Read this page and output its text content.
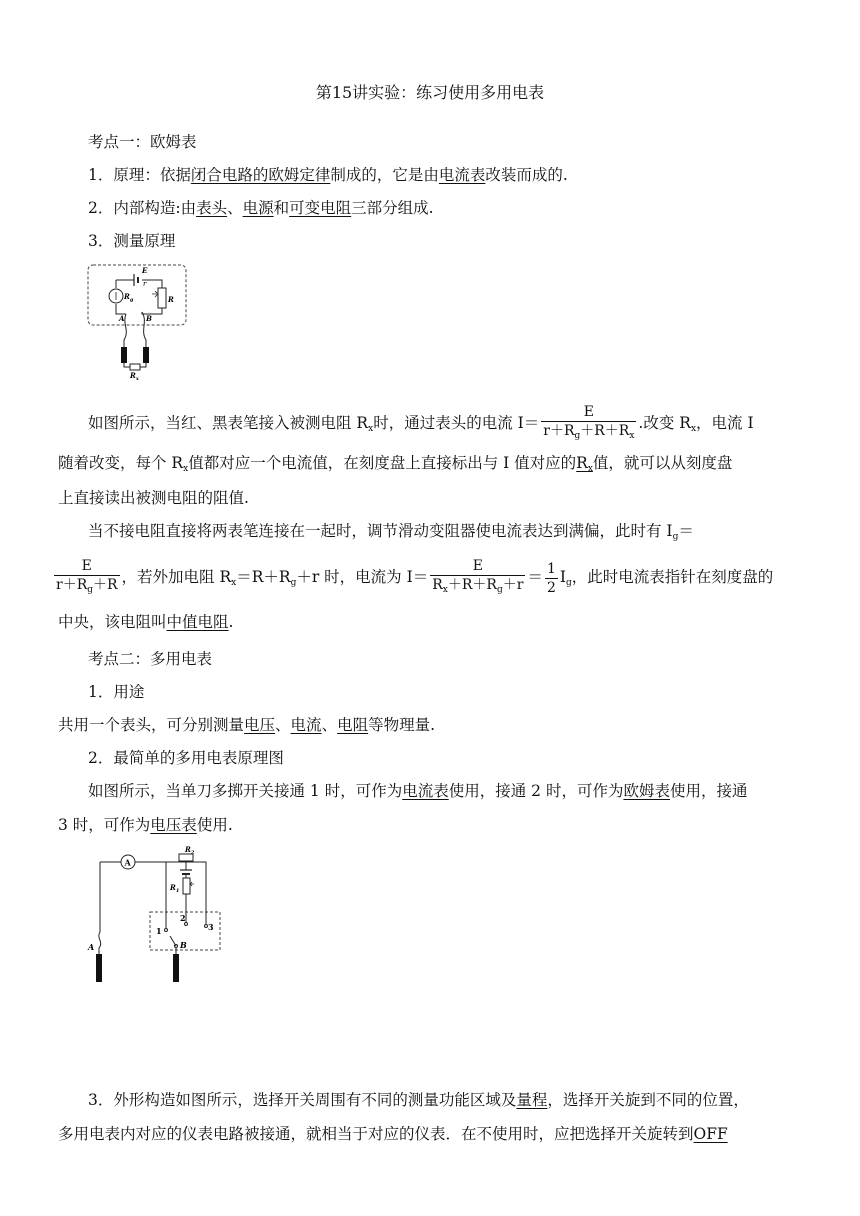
第15讲实验：练习使用多用电表
考点一：欧姆表
1．原理：依据闭合电路的欧姆定律制成的，它是由电流表改装而成的.
2．内部构造:由表头、电源和可变电阻三部分组成.
3．测量原理
E
r
$R_g$	R
A	B
$R_x$
如图所示，当红、黑表笔接入被测电阻 $R_x$时，通过表头的电流 $I= \frac{E}{r+R_g+R+R_x}$ .改变 $R_x$，电流 I
随着改变，每个 $R_x$值都对应一个电流值，在刻度盘上直接标出与 I 值对应的$R_x$值，就可以从刻度盘
上直接读出被测电阻的阻值.
当不接电阻直接将两表笔连接在一起时，调节滑动变阻器使电流表达到满偏，此时有 $I_g=$
$\frac{E}{r+R_g+R}$ ，若外加电阻 $R_x=R+R_g+r$ 时，电流为 $I= \frac{E}{R_x+R+R_g+r} = \frac{1}{2} I_g$，此时电流表指针在刻度盘的
中央，该电阻叫中值电阻.
考点二：多用电表
1．用途
共用一个表头，可分别测量电压、电流、电阻等物理量.
2．最简单的多用电表原理图
如图所示，当单刀多掷开关接通 1 时，可作为电流表使用，接通 2 时，可作为欧姆表使用，接通
3 时，可作为电压表使用.
A
$R_2$
$R_1$
2
1	3
B
A
3．外形构造如图所示，选择开关周围有不同的测量功能区域及量程，选择开关旋到不同的位置，
多用电表内对应的仪表电路被接通，就相当于对应的仪表．在不使用时，应把选择开关旋转到OFF
